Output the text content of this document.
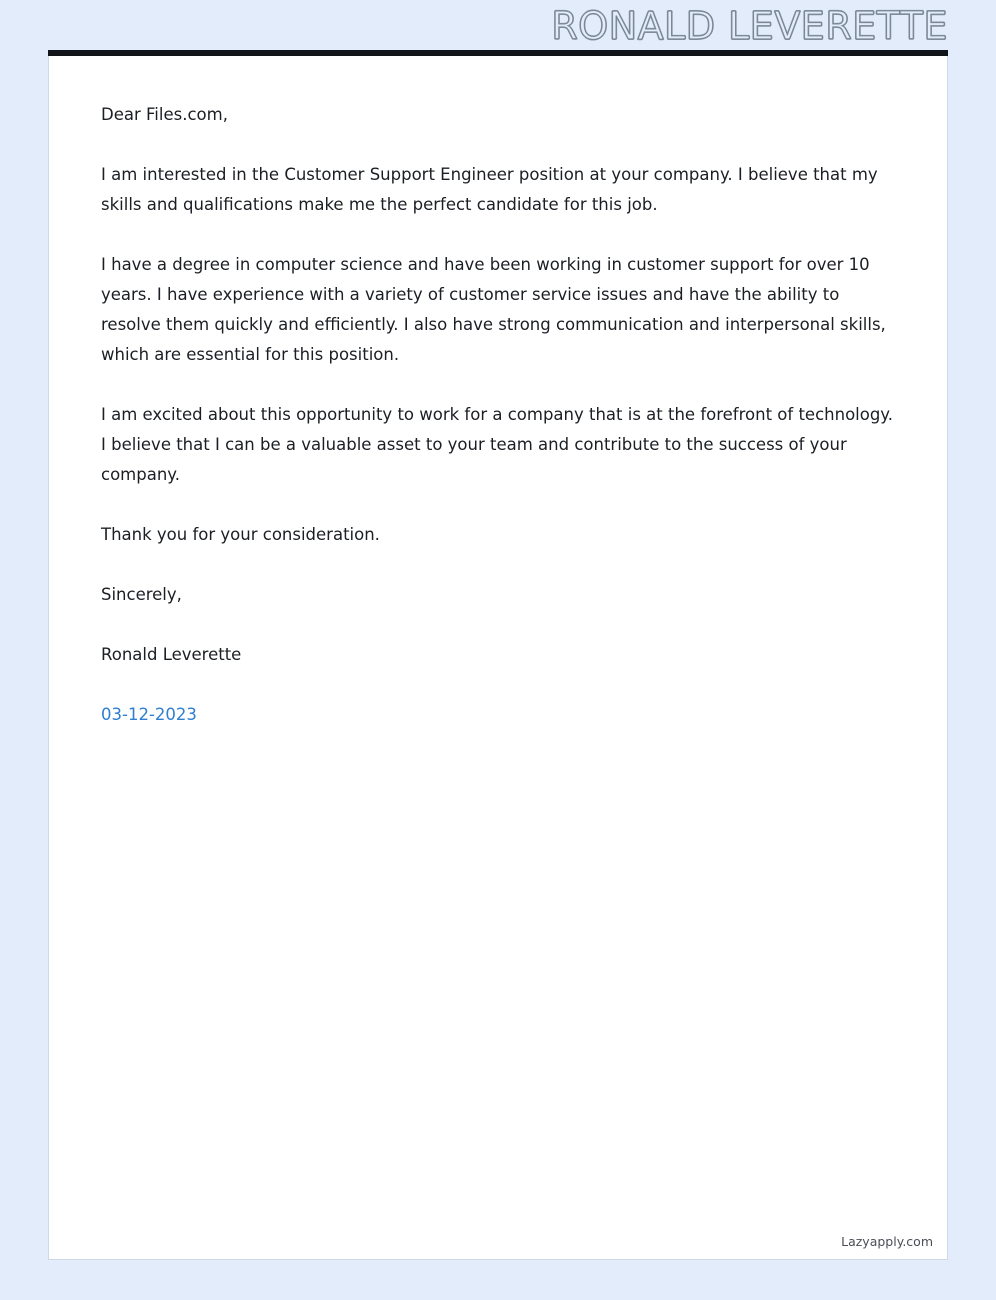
RONALD LEVERETTE

Dear Files.com,

I am interested in the Customer Support Engineer position at your company. I believe that my skills and qualifications make me the perfect candidate for this job.

I have a degree in computer science and have been working in customer support for over 10 years. I have experience with a variety of customer service issues and have the ability to resolve them quickly and efficiently. I also have strong communication and interpersonal skills, which are essential for this position.

I am excited about this opportunity to work for a company that is at the forefront of technology. I believe that I can be a valuable asset to your team and contribute to the success of your company.

Thank you for your consideration.

Sincerely,

Ronald Leverette

03-12-2023

Lazyapply.com
